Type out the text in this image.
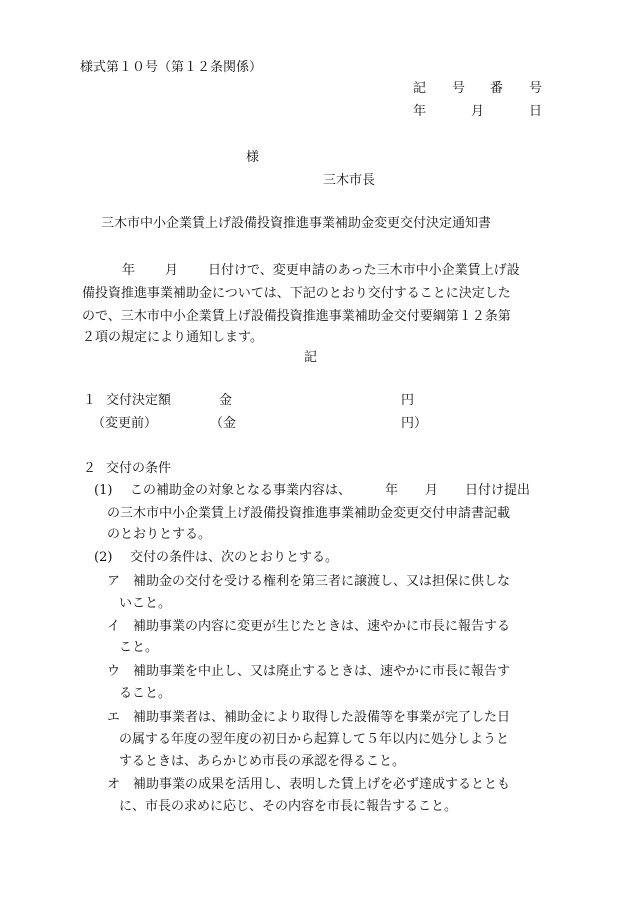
様式第１０号（第１２条関係）
記 号 番 号
年	月	日
様
三木市長
三木市中小企業賃上げ設備投資推進事業補助金変更交付決定通知書
年 月 日付けで、変更申請のあった三木市中小企業賃上げ設
備投資推進事業補助金については、下記のとおり交付することに決定した
ので、三木市中小企業賃上げ設備投資推進事業補助金交付要綱第１２条第
２項の規定により通知します。
記
１ 交付決定額	金	円
（変更前）	（金	円）
２ 交付の条件
(1) この補助金の対象となる事業内容は、	年 月 日付け提出
の三木市中小企業賃上げ設備投資推進事業補助金変更交付申請書記載
のとおりとする。
(2) 交付の条件は、次のとおりとする。
ア 補助金の交付を受ける権利を第三者に譲渡し、又は担保に供しな
いこと。
イ 補助事業の内容に変更が生じたときは、速やかに市長に報告する
こと。
ウ 補助事業を中止し、又は廃止するときは、速やかに市長に報告す
ること。
エ 補助事業者は、補助金により取得した設備等を事業が完了した日
の属する年度の翌年度の初日から起算して５年以内に処分しようと
するときは、あらかじめ市長の承認を得ること。
オ 補助事業の成果を活用し、表明した賃上げを必ず達成するととも
に、市長の求めに応じ、その内容を市長に報告すること。
